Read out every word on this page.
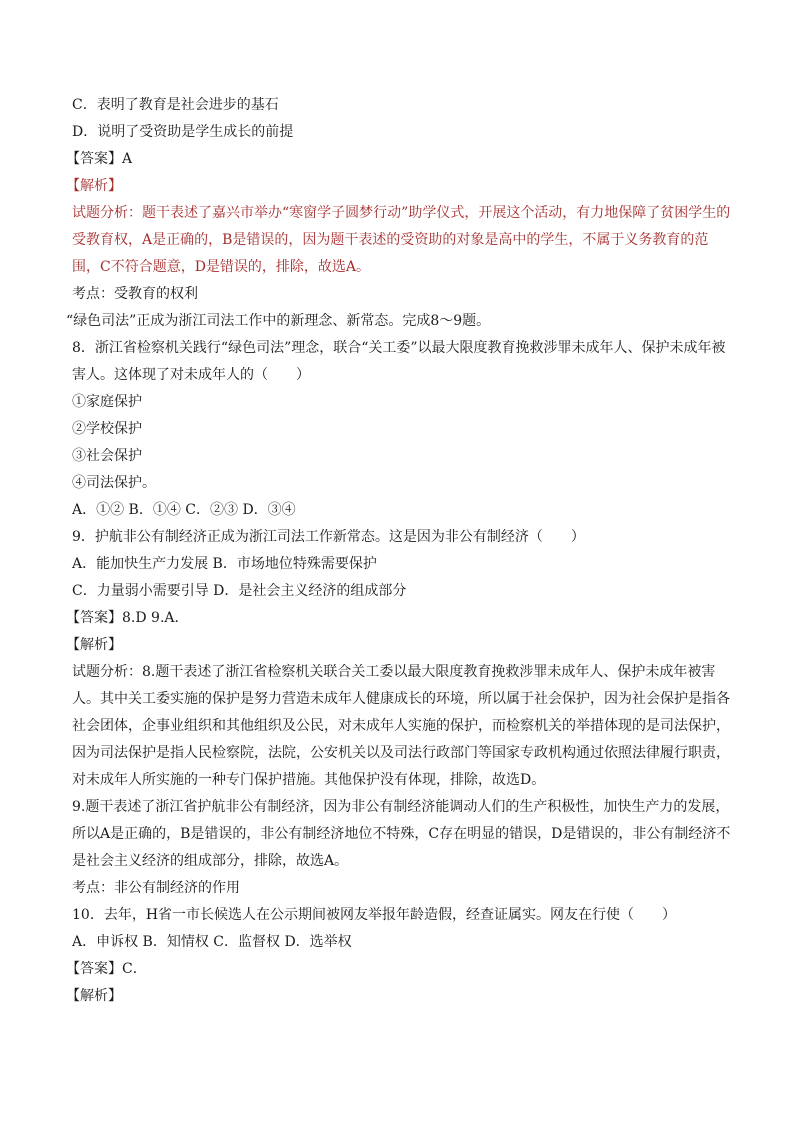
C．表明了教育是社会进步的基石
D．说明了受资助是学生成长的前提
【答案】A
【解析】
试题分析：题干表述了嘉兴市举办“寒窗学子圆梦行动”助学仪式，开展这个活动，有力地保障了贫困学生的受教育权，A是正确的，B是错误的，因为题干表述的受资助的对象是高中的学生，不属于义务教育的范围，C不符合题意，D是错误的，排除，故选A。
考点：受教育的权利
“绿色司法”正成为浙江司法工作中的新理念、新常态。完成8～9题。
8．浙江省检察机关践行“绿色司法”理念，联合“关工委”以最大限度教育挽救涉罪未成年人、保护未成年被害人。这体现了对未成年人的（　　）
①家庭保护
②学校保护
③社会保护
④司法保护。
A．①② B．①④ C．②③ D．③④
9．护航非公有制经济正成为浙江司法工作新常态。这是因为非公有制经济（　　）
A．能加快生产力发展 B．市场地位特殊需要保护
C．力量弱小需要引导 D．是社会主义经济的组成部分
【答案】8.D 9.A．
【解析】
试题分析：8.题干表述了浙江省检察机关联合关工委以最大限度教育挽救涉罪未成年人、保护未成年被害人。其中关工委实施的保护是努力营造未成年人健康成长的环境，所以属于社会保护，因为社会保护是指各社会团体，企事业组织和其他组织及公民，对未成年人实施的保护，而检察机关的举措体现的是司法保护，因为司法保护是指人民检察院，法院，公安机关以及司法行政部门等国家专政机构通过依照法律履行职责，对未成年人所实施的一种专门保护措施。其他保护没有体现，排除，故选D。
9.题干表述了浙江省护航非公有制经济，因为非公有制经济能调动人们的生产积极性，加快生产力的发展，所以A是正确的，B是错误的，非公有制经济地位不特殊，C存在明显的错误，D是错误的，非公有制经济不是社会主义经济的组成部分，排除，故选A。
考点：非公有制经济的作用
10．去年，H省一市长候选人在公示期间被网友举报年龄造假，经查证属实。网友在行使（　　）
A．申诉权 B．知情权 C．监督权 D．选举权
【答案】C．
【解析】
